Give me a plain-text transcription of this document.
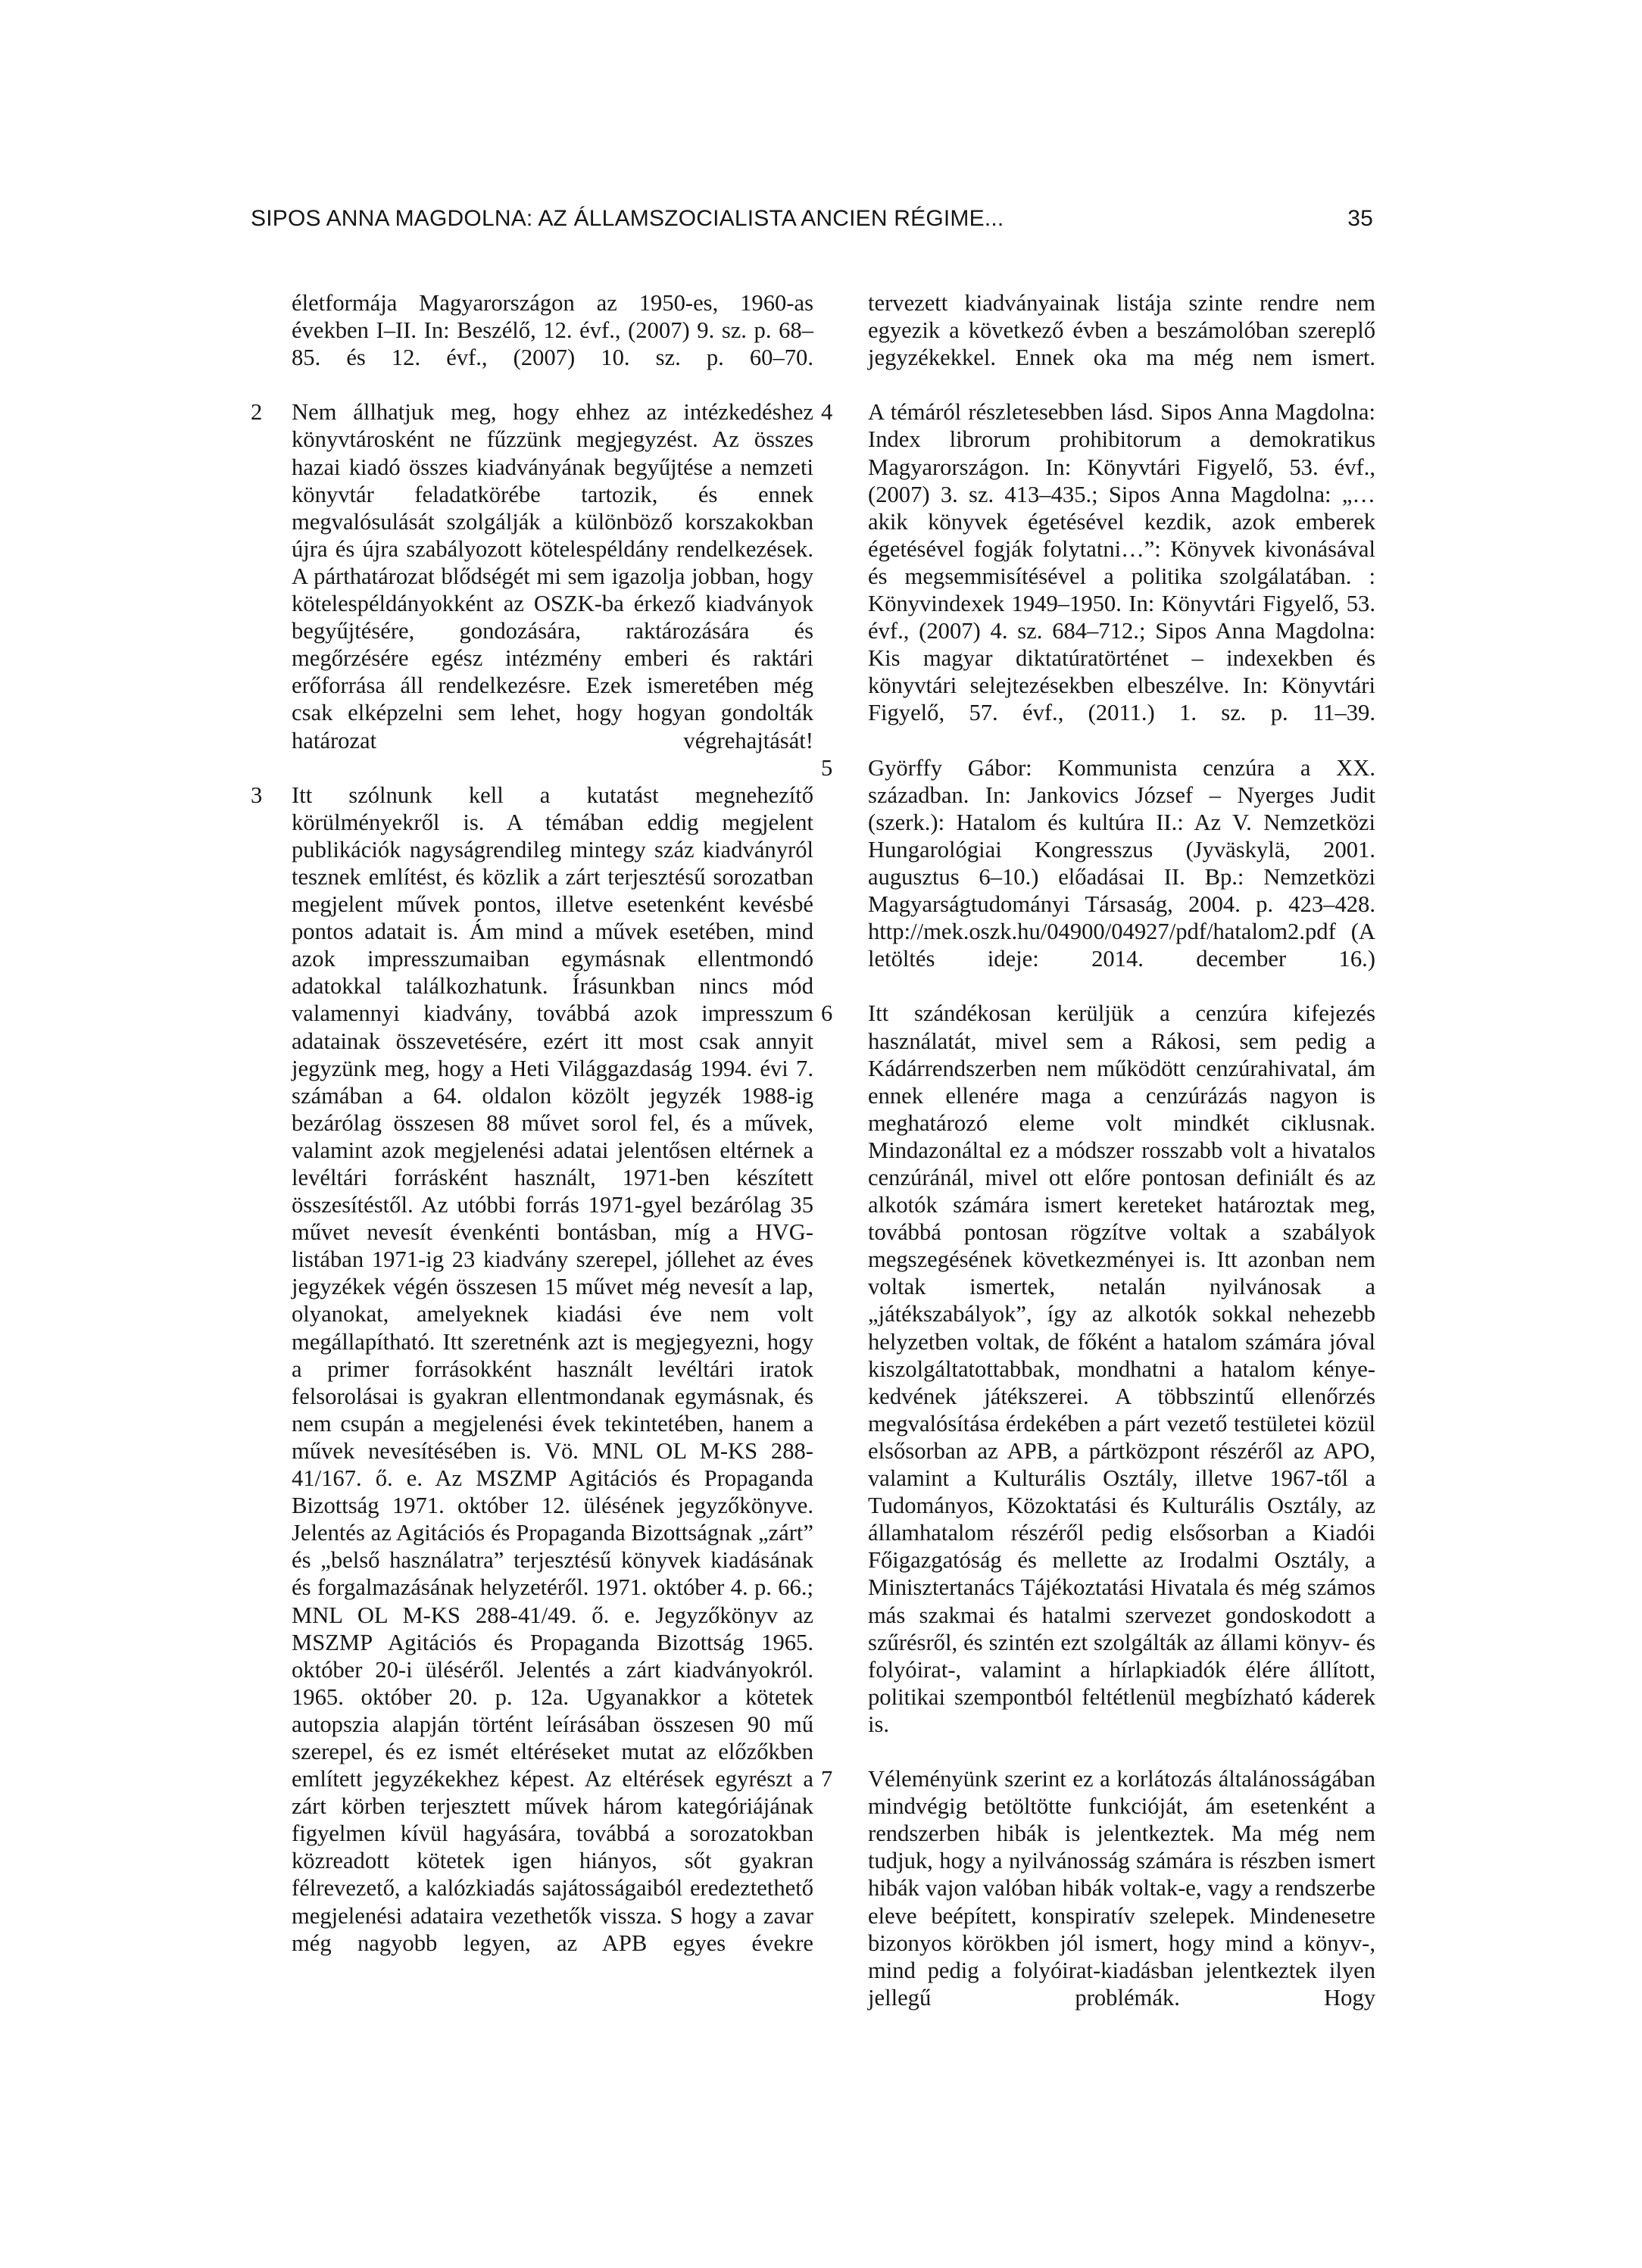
SIPOS ANNA MAGDOLNA: AZ ÁLLAMSZOCIALISTA ANCIEN RÉGIME...	35

életformája Magyarországon az 1950-es, 1960-as években I–II. In: Beszélő, 12. évf., (2007) 9. sz. p. 68–85. és 12. évf., (2007) 10. sz. p. 60–70.

2 Nem állhatjuk meg, hogy ehhez az intézkedéshez könyvtárosként ne fűzzünk megjegyzést. Az összes hazai kiadó összes kiadványának begyűjtése a nemzeti könyvtár feladatkörébe tartozik, és ennek megvalósulását szolgálják a különböző korszakokban újra és újra szabályozott kötelespéldány rendelkezések. A párthatározat blődségét mi sem igazolja jobban, hogy kötelespéldányokként az OSZK-ba érkező kiadványok begyűjtésére, gondozására, raktározására és megőrzésére egész intézmény emberi és raktári erőforrása áll rendelkezésre. Ezek ismeretében még csak elképzelni sem lehet, hogy hogyan gondolták határozat végrehajtását!

3 Itt szólnunk kell a kutatást megnehezítő körülményekről is. A témában eddig megjelent publikációk nagyságrendileg mintegy száz kiadványról tesznek említést, és közlik a zárt terjesztésű sorozatban megjelent művek pontos, illetve esetenként kevésbé pontos adatait is. Ám mind a művek esetében, mind azok impresszumaiban egymásnak ellentmondó adatokkal találkozhatunk. Írásunkban nincs mód valamennyi kiadvány, továbbá azok impresszum adatainak összevetésére, ezért itt most csak annyit jegyzünk meg, hogy a Heti Világgazdaság 1994. évi 7. számában a 64. oldalon közölt jegyzék 1988-ig bezárólag összesen 88 művet sorol fel, és a művek, valamint azok megjelenési adatai jelentősen eltérnek a levéltári forrásként használt, 1971-ben készített összesítéstől. Az utóbbi forrás 1971-gyel bezárólag 35 művet nevesít évenkénti bontásban, míg a HVG-listában 1971-ig 23 kiadvány szerepel, jóllehet az éves jegyzékek végén összesen 15 művet még nevesít a lap, olyanokat, amelyeknek kiadási éve nem volt megállapítható. Itt szeretnénk azt is megjegyezni, hogy a primer forrásokként használt levéltári iratok felsorolásai is gyakran ellentmondanak egymásnak, és nem csupán a megjelenési évek tekintetében, hanem a művek nevesítésében is. Vö. MNL OL M-KS 288-41/167. ő. e. Az MSZMP Agitációs és Propaganda Bizottság 1971. október 12. ülésének jegyzőkönyve. Jelentés az Agitációs és Propaganda Bizottságnak „zárt” és „belső használatra” terjesztésű könyvek kiadásának és forgalmazásának helyzetéről. 1971. október 4. p. 66.; MNL OL M-KS 288-41/49. ő. e. Jegyzőkönyv az MSZMP Agitációs és Propaganda Bizottság 1965. október 20-i üléséről. Jelentés a zárt kiadványokról. 1965. október 20. p. 12a. Ugyanakkor a kötetek autopszia alapján történt leírásában összesen 90 mű szerepel, és ez ismét eltéréseket mutat az előzőkben említett jegyzékekhez képest. Az eltérések egyrészt a zárt körben terjesztett művek három kategóriájának figyelmen kívül hagyására, továbbá a sorozatokban közreadott kötetek igen hiányos, sőt gyakran félrevezető, a kalózkiadás sajátosságaiból eredeztethető megjelenési adataira vezethetők vissza. S hogy a zavar még nagyobb legyen, az APB egyes évekre

tervezett kiadványainak listája szinte rendre nem egyezik a következő évben a beszámolóban szereplő jegyzékekkel. Ennek oka ma még nem ismert.

4 A témáról részletesebben lásd. Sipos Anna Magdolna: Index librorum prohibitorum a demokratikus Magyarországon. In: Könyvtári Figyelő, 53. évf., (2007) 3. sz. 413–435.; Sipos Anna Magdolna: „…akik könyvek égetésével kezdik, azok emberek égetésével fogják folytatni…”: Könyvek kivonásával és megsemmisítésével a politika szolgálatában. : Könyvindexek 1949–1950. In: Könyvtári Figyelő, 53. évf., (2007) 4. sz. 684–712.; Sipos Anna Magdolna: Kis magyar diktatúratörténet – indexekben és könyvtári selejtezésekben elbeszélve. In: Könyvtári Figyelő, 57. évf., (2011.) 1. sz. p. 11–39.

5 Györffy Gábor: Kommunista cenzúra a XX. században. In: Jankovics József – Nyerges Judit (szerk.): Hatalom és kultúra II.: Az V. Nemzetközi Hungarológiai Kongresszus (Jyväskylä, 2001. augusztus 6–10.) előadásai II. Bp.: Nemzetközi Magyarságtudományi Társaság, 2004. p. 423–428. http://mek.oszk.hu/04900/04927/pdf/hatalom2.pdf (A letöltés ideje: 2014. december 16.)

6 Itt szándékosan kerüljük a cenzúra kifejezés használatát, mivel sem a Rákosi, sem pedig a Kádárrendszerben nem működött cenzúrahivatal, ám ennek ellenére maga a cenzúrázás nagyon is meghatározó eleme volt mindkét ciklusnak. Mindazonáltal ez a módszer rosszabb volt a hivatalos cenzúránál, mivel ott előre pontosan definiált és az alkotók számára ismert kereteket határoztak meg, továbbá pontosan rögzítve voltak a szabályok megszegésének következményei is. Itt azonban nem voltak ismertek, netalán nyilvánosak a „játékszabályok”, így az alkotók sokkal nehezebb helyzetben voltak, de főként a hatalom számára jóval kiszolgáltatottabbak, mondhatni a hatalom kénye-kedvének játékszerei. A többszintű ellenőrzés megvalósítása érdekében a párt vezető testületei közül elsősorban az APB, a pártközpont részéről az APO, valamint a Kulturális Osztály, illetve 1967-től a Tudományos, Közoktatási és Kulturális Osztály, az államhatalom részéről pedig elsősorban a Kiadói Főigazgatóság és mellette az Irodalmi Osztály, a Minisztertanács Tájékoztatási Hivatala és még számos más szakmai és hatalmi szervezet gondoskodott a szűrésről, és szintén ezt szolgálták az állami könyv- és folyóirat-, valamint a hírlapkiadók élére állított, politikai szempontból feltétlenül megbízható káderek is.

7 Véleményünk szerint ez a korlátozás általánosságában mindvégig betöltötte funkcióját, ám esetenként a rendszerben hibák is jelentkeztek. Ma még nem tudjuk, hogy a nyilvánosság számára is részben ismert hibák vajon valóban hibák voltak-e, vagy a rendszerbe eleve beépített, konspiratív szelepek. Mindenesetre bizonyos körökben jól ismert, hogy mind a könyv-, mind pedig a folyóirat-kiadásban jelentkeztek ilyen jellegű problémák. Hogy
